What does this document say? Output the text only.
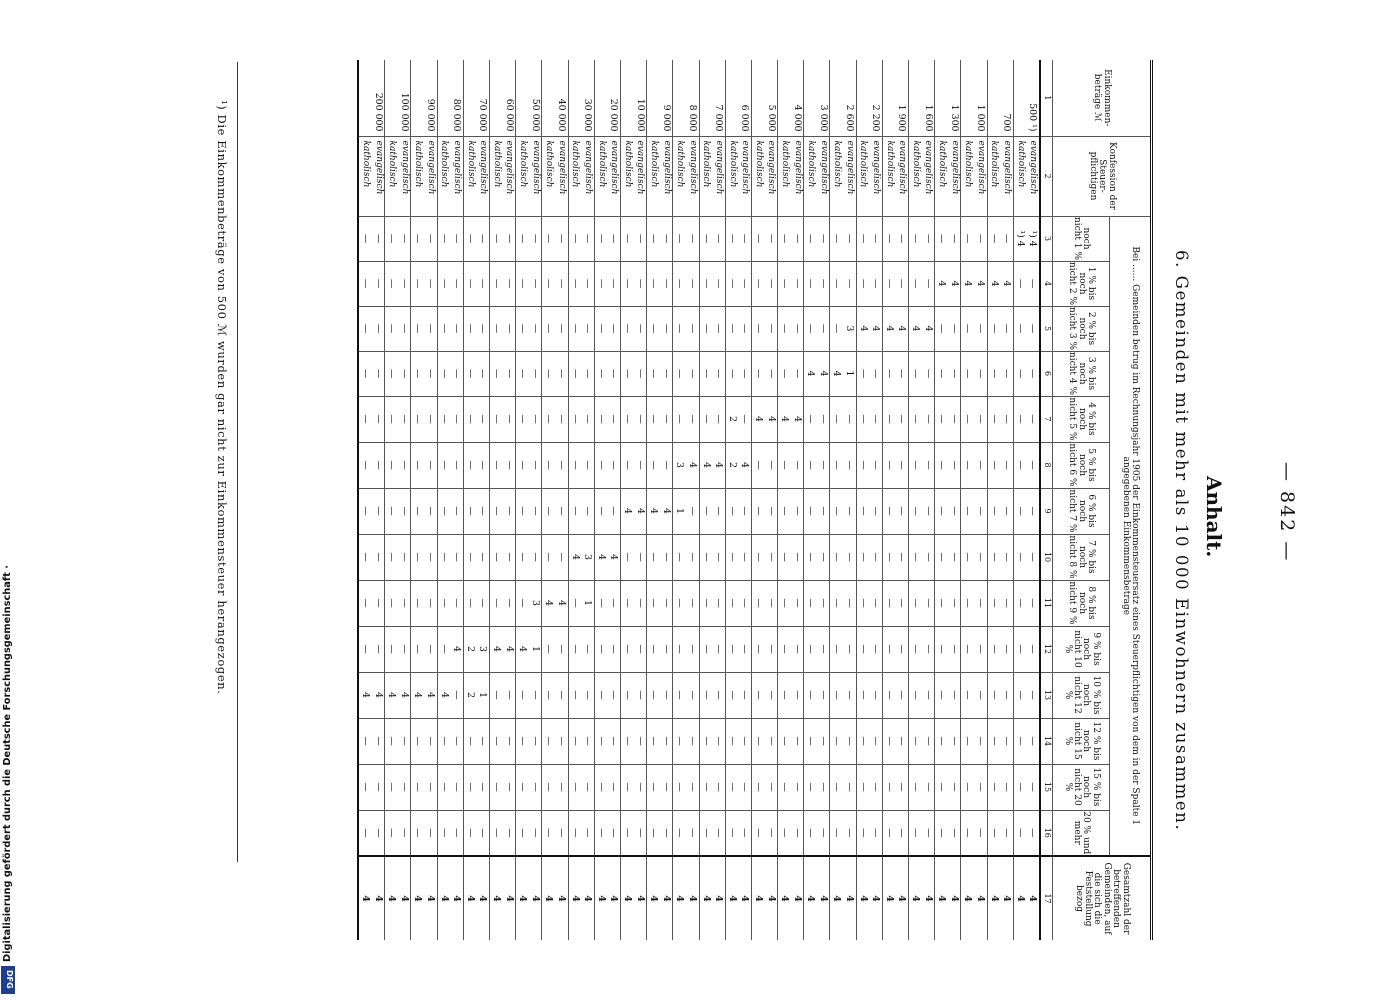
— 842 —
Anhalt.
6. Gemeinden mit mehr als 10 000 Einwohnern zusammen.
Einkommen-beträge ℳ	Konfession der Steuer-pflichtigen	Bei ...... Gemeinden betrug im Rechnungsjahr 1905 der Einkommensteuersatz eines Steuerpflichtigen von dem in der Spalte 1 angegebenen Einkommensbetrage														Gesamtzahl der betreffenden Gemeinden, auf die sich die Feststellung bezog
		noch nicht 1 %	1 % bis noch nicht 2 %	2 % bis noch nicht 3 %	3 % bis noch nicht 4 %	4 % bis noch nicht 5 %	5 % bis noch nicht 6 %	6 % bis noch nicht 7 %	7 % bis noch nicht 8 %	8 % bis noch nicht 9 %	9 % bis noch nicht 10 %	10 % bis noch nicht 12 %	12 % bis noch nicht 15 %	15 % bis noch nicht 20 %	20 % und mehr	
1	2	3	4	5	6	7	8	9	10	11	12	13	14	15	16	17
500 ¹)	evangelisch	¹) 4	—	—	—	—	—	—	—	—	—	—	—	—	—	4
	katholisch	¹) 4	—	—	—	—	—	—	—	—	—	—	—	—	—	4
700	evangelisch	—	4	—	—	—	—	—	—	—	—	—	—	—	—	4
	katholisch	—	4	—	—	—	—	—	—	—	—	—	—	—	—	4
1 000	evangelisch	—	4	—	—	—	—	—	—	—	—	—	—	—	—	4
	katholisch	—	4	—	—	—	—	—	—	—	—	—	—	—	—	4
1 300	evangelisch	—	4	—	—	—	—	—	—	—	—	—	—	—	—	4
	katholisch	—	4	—	—	—	—	—	—	—	—	—	—	—	—	4
1 600	evangelisch	—	—	4	—	—	—	—	—	—	—	—	—	—	—	4
	katholisch	—	—	4	—	—	—	—	—	—	—	—	—	—	—	4
1 900	evangelisch	—	—	4	—	—	—	—	—	—	—	—	—	—	—	4
	katholisch	—	—	4	—	—	—	—	—	—	—	—	—	—	—	4
2 200	evangelisch	—	—	4	—	—	—	—	—	—	—	—	—	—	—	4
	katholisch	—	—	4	—	—	—	—	—	—	—	—	—	—	—	4
2 600	evangelisch	—	—	3	1	—	—	—	—	—	—	—	—	—	—	4
	katholisch	—	—	—	4	—	—	—	—	—	—	—	—	—	—	4
3 000	evangelisch	—	—	—	4	—	—	—	—	—	—	—	—	—	—	4
	katholisch	—	—	—	4	—	—	—	—	—	—	—	—	—	—	4
4 000	evangelisch	—	—	—	—	4	—	—	—	—	—	—	—	—	—	4
	katholisch	—	—	—	—	4	—	—	—	—	—	—	—	—	—	4
5 000	evangelisch	—	—	—	—	4	—	—	—	—	—	—	—	—	—	4
	katholisch	—	—	—	—	4	—	—	—	—	—	—	—	—	—	4
6 000	evangelisch	—	—	—	—	—	4	—	—	—	—	—	—	—	—	4
	katholisch	—	—	—	—	2	2	—	—	—	—	—	—	—	—	4
7 000	evangelisch	—	—	—	—	—	4	—	—	—	—	—	—	—	—	4
	katholisch	—	—	—	—	—	4	—	—	—	—	—	—	—	—	4
8 000	evangelisch	—	—	—	—	—	4	—	—	—	—	—	—	—	—	4
	katholisch	—	—	—	—	—	3	1	—	—	—	—	—	—	—	4
9 000	evangelisch	—	—	—	—	—	—	4	—	—	—	—	—	—	—	4
	katholisch	—	—	—	—	—	—	4	—	—	—	—	—	—	—	4
10 000	evangelisch	—	—	—	—	—	—	4	—	—	—	—	—	—	—	4
	katholisch	—	—	—	—	—	—	4	—	—	—	—	—	—	—	4
20 000	evangelisch	—	—	—	—	—	—	—	4	—	—	—	—	—	—	4
	katholisch	—	—	—	—	—	—	—	4	—	—	—	—	—	—	4
30 000	evangelisch	—	—	—	—	—	—	—	3	1	—	—	—	—	—	4
	katholisch	—	—	—	—	—	—	—	4	—	—	—	—	—	—	4
40 000	evangelisch	—	—	—	—	—	—	—	—	4	—	—	—	—	—	4
	katholisch	—	—	—	—	—	—	—	—	4	—	—	—	—	—	4
50 000	evangelisch	—	—	—	—	—	—	—	—	3	1	—	—	—	—	4
	katholisch	—	—	—	—	—	—	—	—	—	4	—	—	—	—	4
60 000	evangelisch	—	—	—	—	—	—	—	—	—	4	—	—	—	—	4
	katholisch	—	—	—	—	—	—	—	—	—	4	—	—	—	—	4
70 000	evangelisch	—	—	—	—	—	—	—	—	—	3	1	—	—	—	4
	katholisch	—	—	—	—	—	—	—	—	—	2	2	—	—	—	4
80 000	evangelisch	—	—	—	—	—	—	—	—	—	4	—	—	—	—	4
	katholisch	—	—	—	—	—	—	—	—	—	—	4	—	—	—	4
90 000	evangelisch	—	—	—	—	—	—	—	—	—	—	4	—	—	—	4
	katholisch	—	—	—	—	—	—	—	—	—	—	4	—	—	—	4
100 000	evangelisch	—	—	—	—	—	—	—	—	—	—	4	—	—	—	4
	katholisch	—	—	—	—	—	—	—	—	—	—	4	—	—	—	4
200 000	evangelisch	—	—	—	—	—	—	—	—	—	—	4	—	—	—	4
	katholisch	—	—	—	—	—	—	—	—	—	—	4	—	—	—	4
¹) Die Einkommenbeträge von 500 ℳ wurden gar nicht zur Einkommensteuer herangezogen.
Digitalisierung gefördert durch die Deutsche Forschungsgemeinschaft ·
DFG
